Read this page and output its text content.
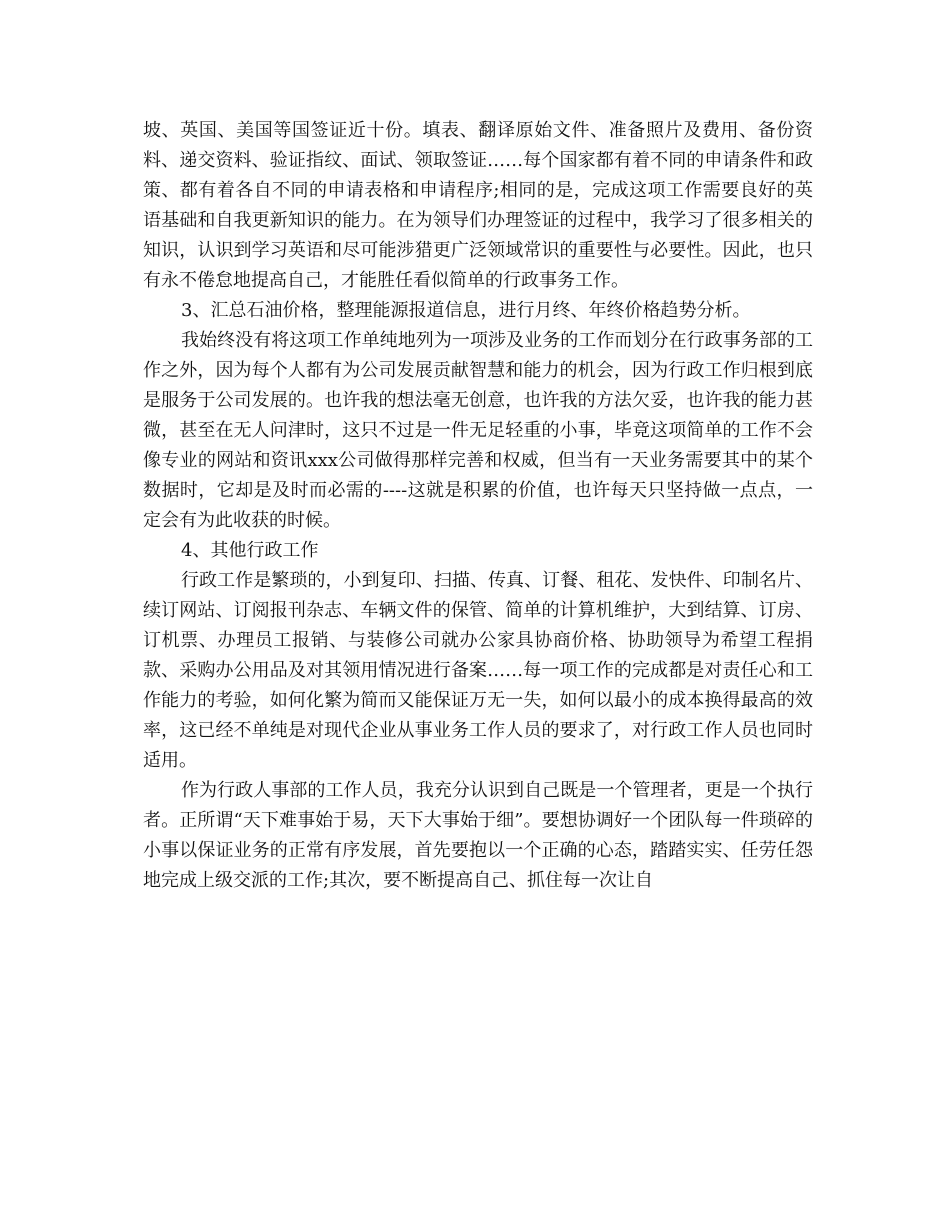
坡、英国、美国等国签证近十份。填表、翻译原始文件、准备照片及费用、备份资料、递交资料、验证指纹、面试、领取签证……每个国家都有着不同的申请条件和政策、都有着各自不同的申请表格和申请程序;相同的是，完成这项工作需要良好的英语基础和自我更新知识的能力。在为领导们办理签证的过程中，我学习了很多相关的知识，认识到学习英语和尽可能涉猎更广泛领域常识的重要性与必要性。因此，也只有永不倦怠地提高自己，才能胜任看似简单的行政事务工作。

3、汇总石油价格，整理能源报道信息，进行月终、年终价格趋势分析。

我始终没有将这项工作单纯地列为一项涉及业务的工作而划分在行政事务部的工作之外，因为每个人都有为公司发展贡献智慧和能力的机会，因为行政工作归根到底是服务于公司发展的。也许我的想法毫无创意，也许我的方法欠妥，也许我的能力甚微，甚至在无人问津时，这只不过是一件无足轻重的小事，毕竟这项简单的工作不会像专业的网站和资讯xxx公司做得那样完善和权威，但当有一天业务需要其中的某个数据时，它却是及时而必需的----这就是积累的价值，也许每天只坚持做一点点，一定会有为此收获的时候。

4、其他行政工作

行政工作是繁琐的，小到复印、扫描、传真、订餐、租花、发快件、印制名片、续订网站、订阅报刊杂志、车辆文件的保管、简单的计算机维护，大到结算、订房、订机票、办理员工报销、与装修公司就办公家具协商价格、协助领导为希望工程捐款、采购办公用品及对其领用情况进行备案……每一项工作的完成都是对责任心和工作能力的考验，如何化繁为简而又能保证万无一失，如何以最小的成本换得最高的效率，这已经不单纯是对现代企业从事业务工作人员的要求了，对行政工作人员也同时适用。

作为行政人事部的工作人员，我充分认识到自己既是一个管理者，更是一个执行者。正所谓“天下难事始于易，天下大事始于细”。要想协调好一个团队每一件琐碎的小事以保证业务的正常有序发展，首先要抱以一个正确的心态，踏踏实实、任劳任怨地完成上级交派的工作;其次，要不断提高自己、抓住每一次让自
